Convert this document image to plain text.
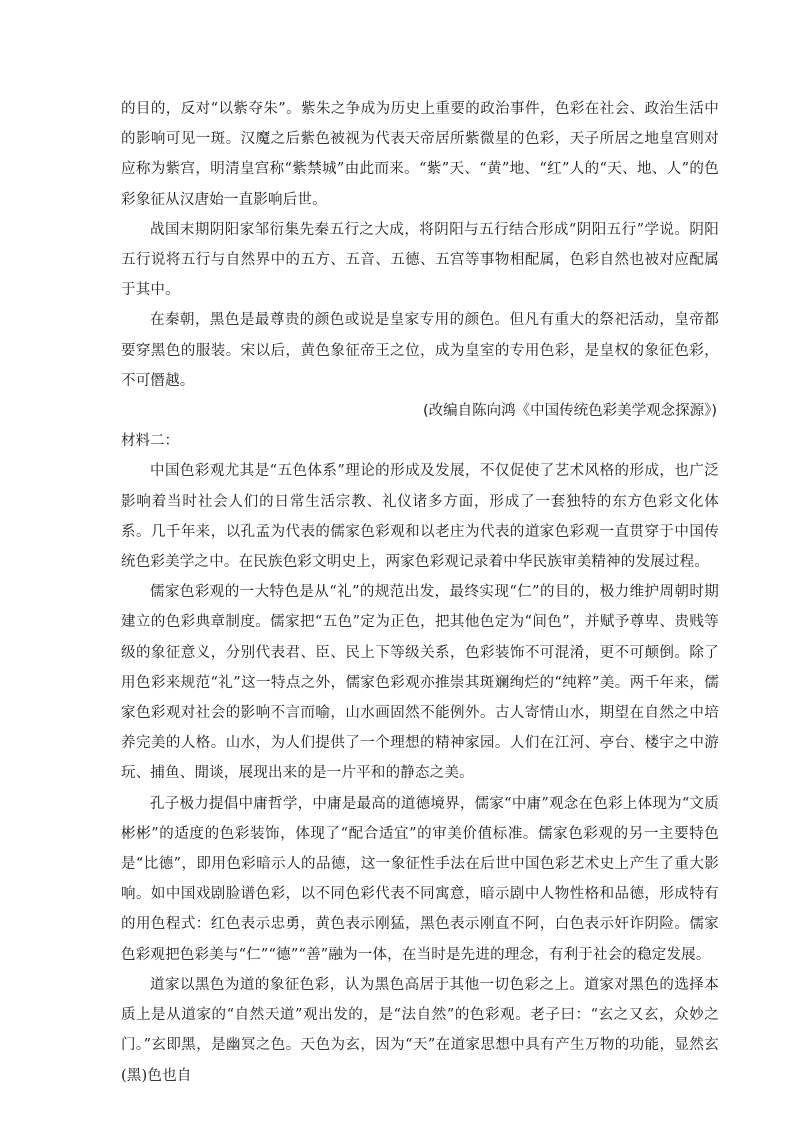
的目的，反对“以紫夺朱”。紫朱之争成为历史上重要的政治事件，色彩在社会、政治生活中的影响可见一斑。汉魔之后紫色被视为代表天帝居所紫微星的色彩，天子所居之地皇宫则对应称为紫宫，明清皇宫称“紫禁城”由此而来。“紫”天、“黄”地、“红”人的“天、地、人”的色彩象征从汉唐始一直影响后世。

战国末期阴阳家邹衍集先秦五行之大成，将阴阳与五行结合形成“阴阳五行”学说。阴阳五行说将五行与自然界中的五方、五音、五德、五宫等事物相配属，色彩自然也被对应配属于其中。

在秦朝，黑色是最尊贵的颜色或说是皇家专用的颜色。但凡有重大的祭祀活动，皇帝都要穿黑色的服装。宋以后，黄色象征帝王之位，成为皇室的专用色彩，是皇权的象征色彩，不可僭越。

(改编自陈向鸿《中国传统色彩美学观念探源》)

材料二：

中国色彩观尤其是“五色体系”理论的形成及发展，不仅促使了艺术风格的形成，也广泛影响着当时社会人们的日常生活宗教、礼仪诸多方面，形成了一套独特的东方色彩文化体系。几千年来，以孔孟为代表的儒家色彩观和以老庄为代表的道家色彩观一直贯穿于中国传统色彩美学之中。在民族色彩文明史上，两家色彩观记录着中华民族审美精神的发展过程。

儒家色彩观的一大特色是从“礼”的规范出发，最终实现“仁”的目的，极力维护周朝时期建立的色彩典章制度。儒家把“五色”定为正色，把其他色定为“间色”，并赋予尊卑、贵贱等级的象征意义，分别代表君、臣、民上下等级关系，色彩装饰不可混淆，更不可颠倒。除了用色彩来规范“礼”这一特点之外，儒家色彩观亦推崇其斑斓绚烂的“纯粹”美。两千年来，儒家色彩观对社会的影响不言而喻，山水画固然不能例外。古人寄情山水，期望在自然之中培养完美的人格。山水，为人们提供了一个理想的精神家园。人们在江河、亭台、楼宇之中游玩、捕鱼、閒谈，展现出来的是一片平和的静态之美。

孔子极力提倡中庸哲学，中庸是最高的道德境界，儒家“中庸”观念在色彩上体现为“文质彬彬”的适度的色彩装饰，体现了“配合适宜”的审美价值标准。儒家色彩观的另一主要特色是“比德”，即用色彩暗示人的品德，这一象征性手法在后世中国色彩艺术史上产生了重大影响。如中国戏剧脸谱色彩，以不同色彩代表不同寓意，暗示剧中人物性格和品德，形成特有的用色程式：红色表示忠勇，黄色表示刚猛，黑色表示刚直不阿，白色表示奸诈阴险。儒家色彩观把色彩美与“仁”“德”“善”融为一体，在当时是先进的理念，有利于社会的稳定发展。

道家以黑色为道的象征色彩，认为黑色高居于其他一切色彩之上。道家对黑色的选择本质上是从道家的“自然天道”观出发的，是“法自然”的色彩观。老子曰：“玄之又玄，众妙之门。”玄即黑，是幽冥之色。天色为玄，因为“天”在道家思想中具有产生万物的功能，显然玄(黑)色也自
